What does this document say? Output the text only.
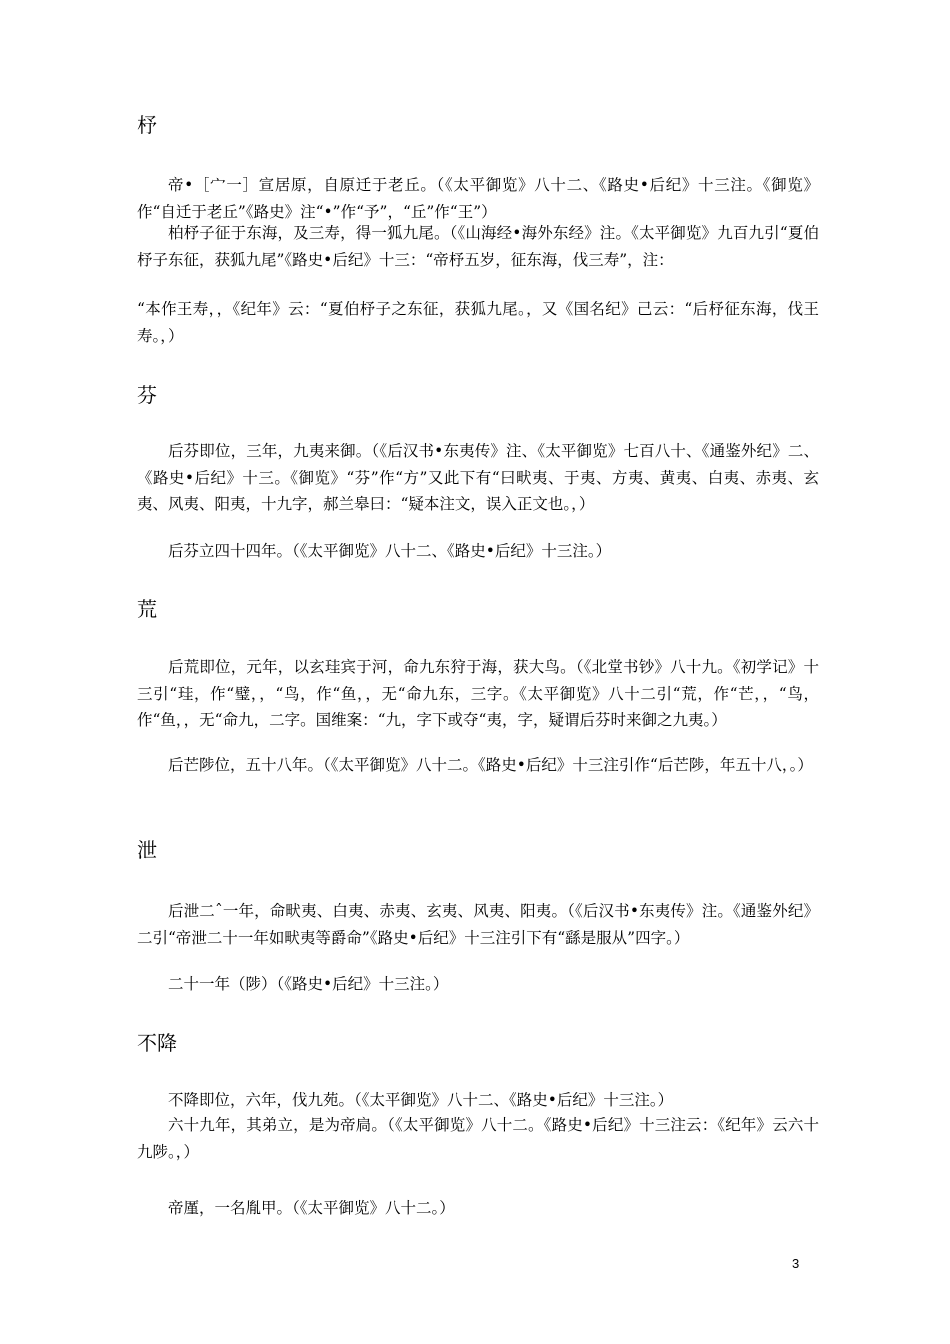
杼

帝•［宀一］宣居原，自原迁于老丘。（《太平御览》八十二、《路史•后纪》十三注。《御览》作“自迁于老丘”《路史》注“•”作“予”，“丘”作“王”）

柏杼子征于东海，及三寿，得一狐九尾。（《山海经•海外东经》注。《太平御览》九百九引“夏伯杼子东征，获狐九尾”《路史•后纪》十三：“帝杼五岁，征东海，伐三寿”，注：

“本作王寿，，《纪年》云：“夏伯杼子之东征，获狐九尾。，又《国名纪》己云：“后杼征东海，伐王寿。，）

芬

后芬即位，三年，九夷来御。（《后汉书•东夷传》注、《太平御览》七百八十、《通鉴外纪》二、《路史•后纪》十三。《御览》“芬”作“方”又此下有“曰畎夷、于夷、方夷、黄夷、白夷、赤夷、玄夷、风夷、阳夷，十九字，郝兰皋曰：“疑本注文，误入正文也。，）

后芬立四十四年。（《太平御览》八十二、《路史•后纪》十三注。）

荒

后荒即位，元年，以玄珪宾于河，命九东狩于海，获大鸟。（《北堂书钞》八十九。《初学记》十三引“珪，作“璧，，“鸟，作“鱼，，无“命九东，三字。《太平御览》八十二引“荒，作“芒，，“鸟，作“鱼，，无“命九，二字。国维案：“九，字下或夺“夷，字，疑谓后芬时来御之九夷。）

后芒陟位，五十八年。（《太平御览》八十二。《路史•后纪》十三注引作“后芒陟，年五十八，。）

泄

后泄二ˆ一年，命畎夷、白夷、赤夷、玄夷、风夷、阳夷。（《后汉书•东夷传》注。《通鉴外纪》二引“帝泄二十一年如畎夷等爵命”《路史•后纪》十三注引下有“繇是服从”四字。）

二十一年（陟）（《路史•后纪》十三注。）

不降

不降即位，六年，伐九苑。（《太平御览》八十二、《路史•后纪》十三注。）

六十九年，其弟立，是为帝扃。（《太平御览》八十二。《路史•后纪》十三注云：《纪年》云六十九陟。，）

帝厪，一名胤甲。（《太平御览》八十二。）

3
